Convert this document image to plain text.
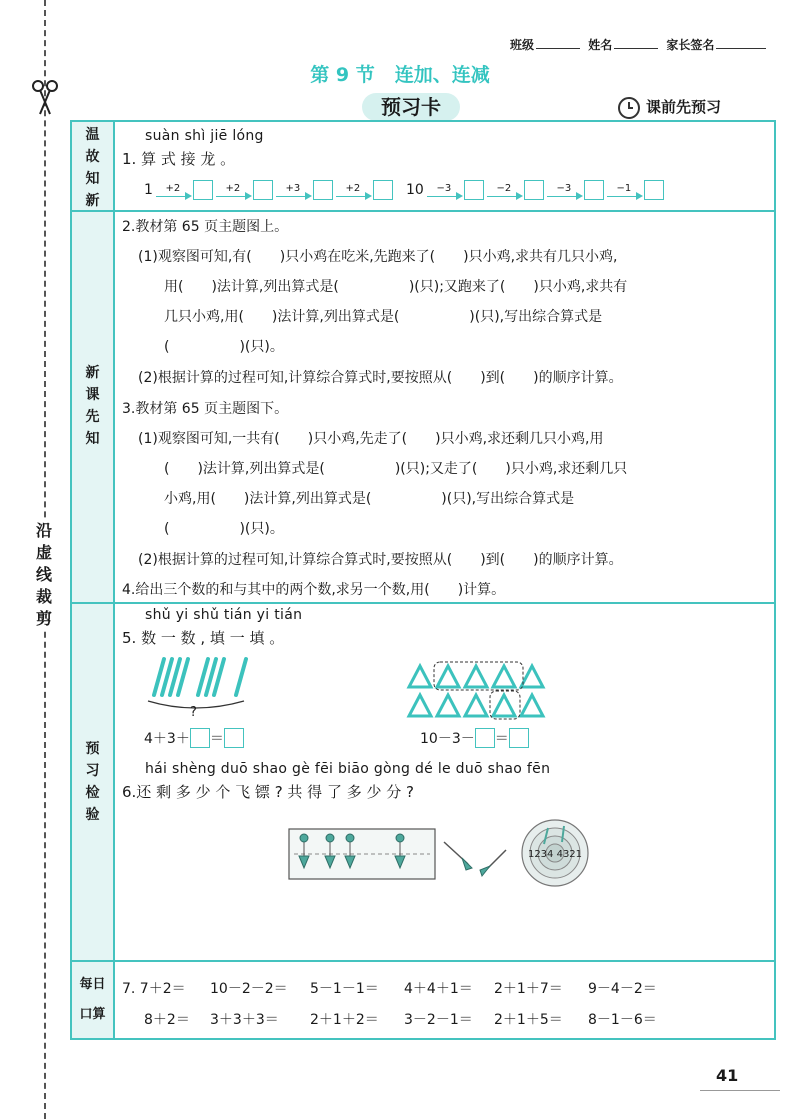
沿
虚
线
裁
剪
班级	姓名	家长签名
第 9 节 连加、连减
预习卡	课前先预习
温
故
知
新
新
课
先
知
预
习
检
验
每日
口算
suàn shì jiē lóng
1. 算 式 接 龙 。
1 +2	+2	+3	+2	10 −3	−2	−3	−1
2.教材第 65 页主题图上。
(1)观察图可知,有(　　)只小鸡在吃米,先跑来了(　　)只小鸡,求共有几只小鸡,
用(　　)法计算,列出算式是(　　　　　)(只);又跑来了(　　)只小鸡,求共有
几只小鸡,用(　　)法计算,列出算式是(　　　　　)(只),写出综合算式是
(　　　　　)(只)。
(2)根据计算的过程可知,计算综合算式时,要按照从(　　)到(　　)的顺序计算。
3.教材第 65 页主题图下。
(1)观察图可知,一共有(　　)只小鸡,先走了(　　)只小鸡,求还剩几只小鸡,用
(　　)法计算,列出算式是(　　　　　)(只);又走了(　　)只小鸡,求还剩几只
小鸡,用(　　)法计算,列出算式是(　　　　　)(只),写出综合算式是
(　　　　　)(只)。
(2)根据计算的过程可知,计算综合算式时,要按照从(　　)到(　　)的顺序计算。
4.给出三个数的和与其中的两个数,求另一个数,用(　　)计算。
shǔ yi shǔ tián yi tián
5. 数 一 数 , 填 一 填 。
?
4＋3＋ ＝	10－3－ ＝
hái shèng duō shao gè fēi biāo gòng dé le duō shao fēn
6.还 剩 多 少 个 飞 镖 ? 共 得 了 多 少 分 ?
1234 4321
7. 7＋2＝ 10－2－2＝ 5－1－1＝ 4＋4＋1＝ 2＋1＋7＝ 9－4－2＝
8＋2＝ 3＋3＋3＝ 2＋1＋2＝ 3－2－1＝ 2＋1＋5＝ 8－1－6＝
41
